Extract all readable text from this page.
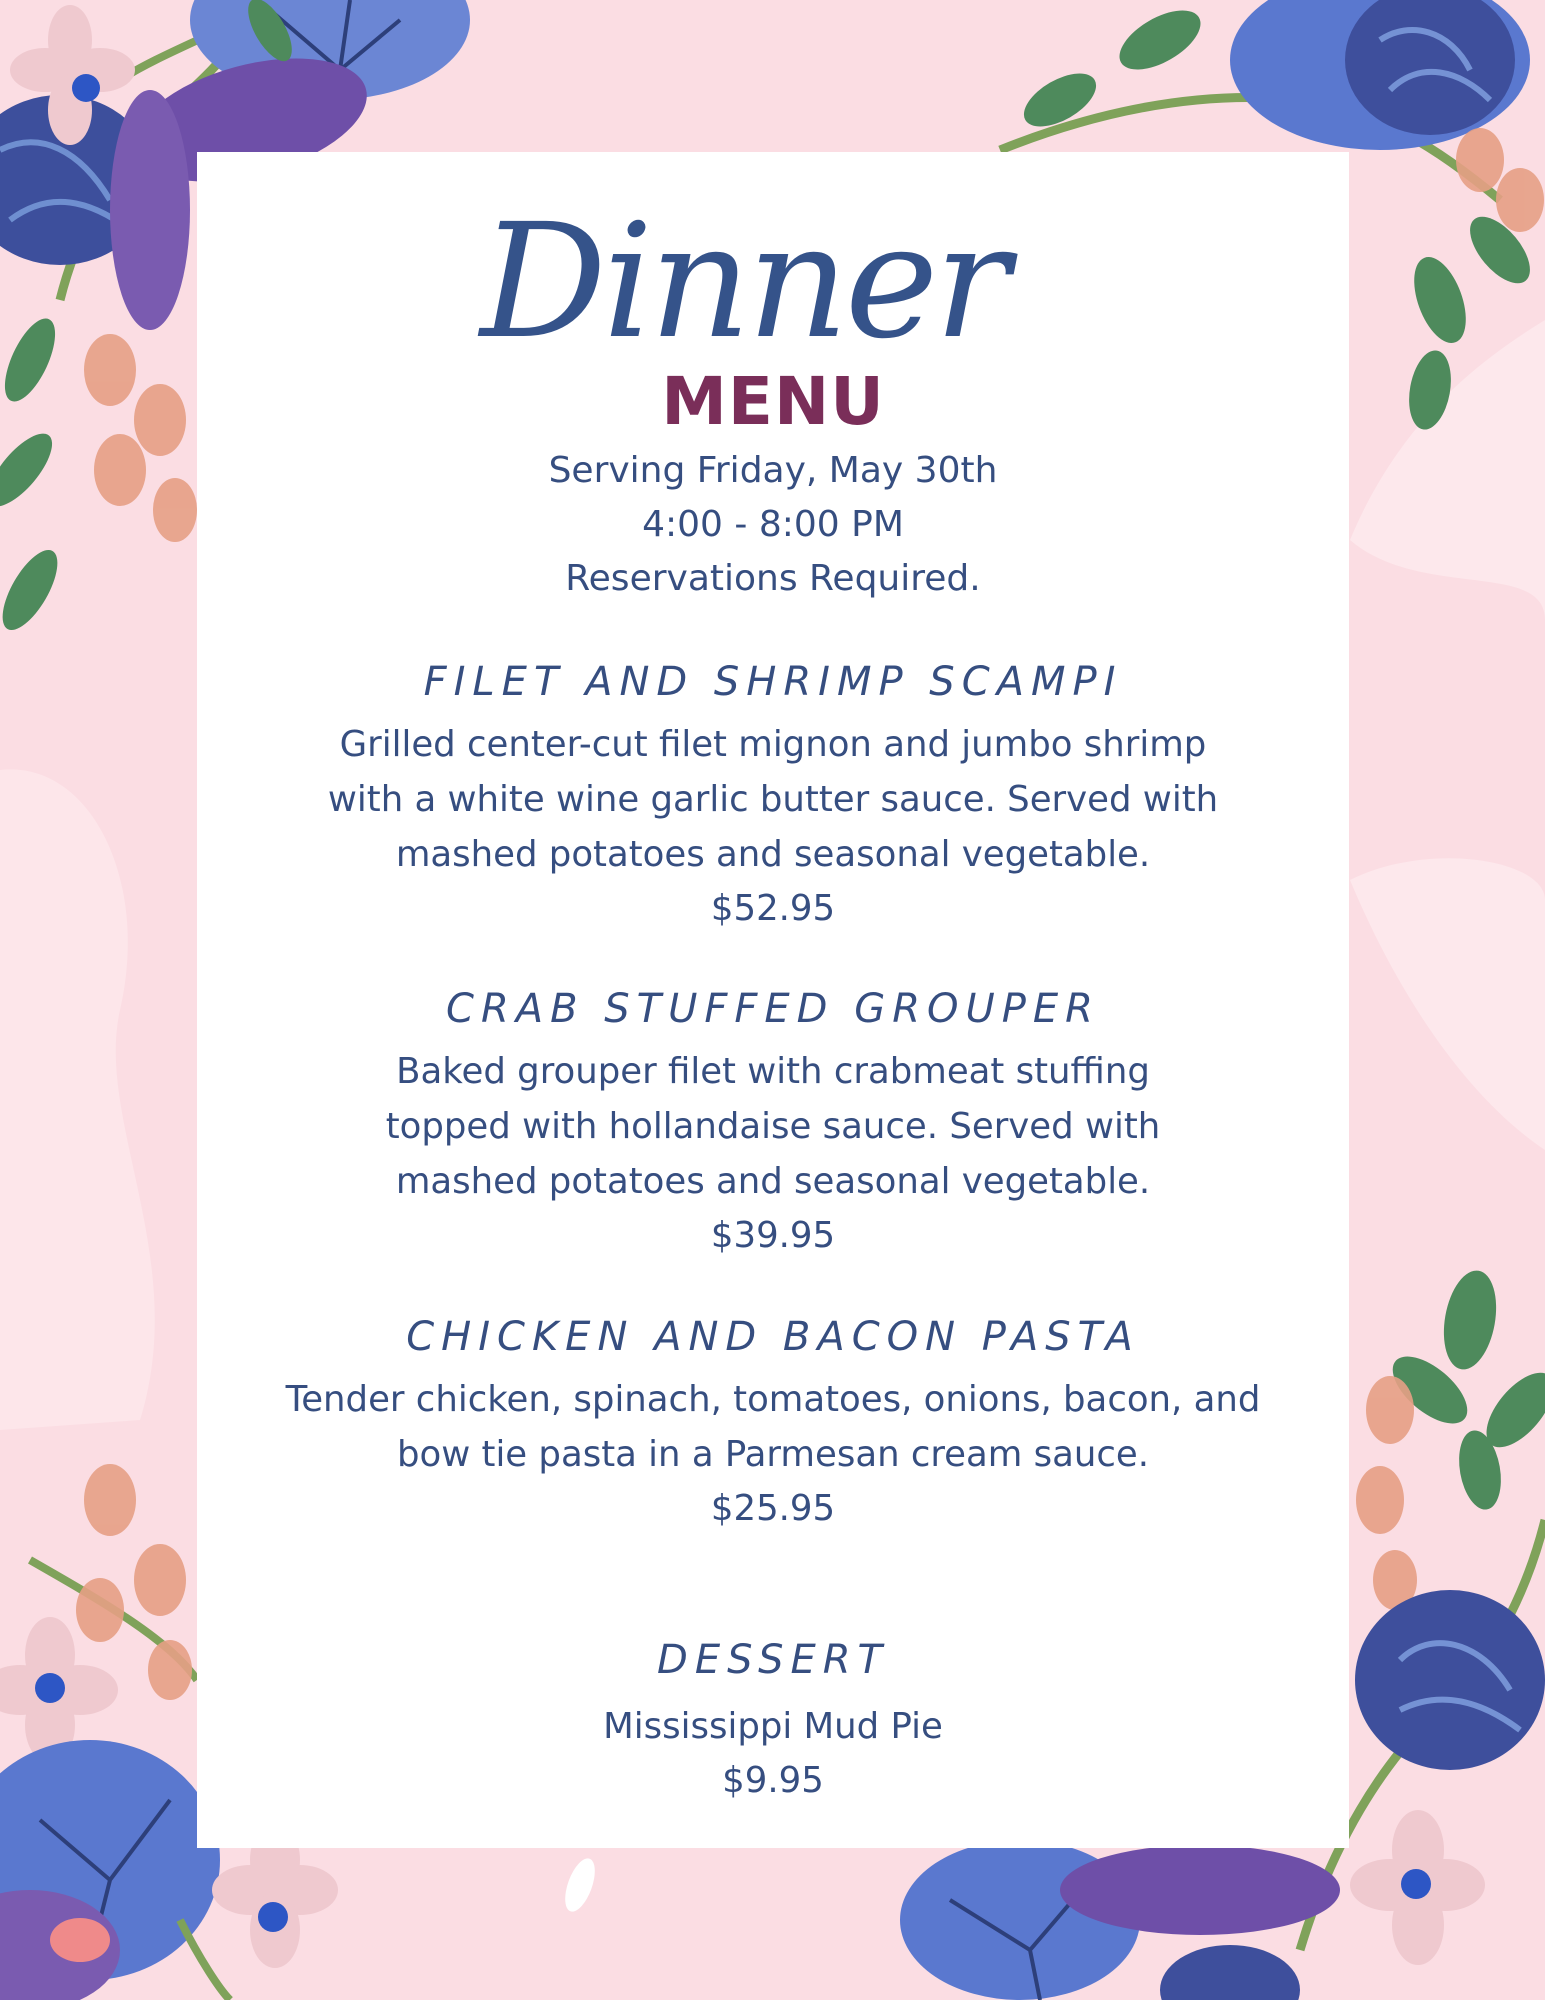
Dinner
MENU
Serving Friday, May 30th
4:00 - 8:00 PM
Reservations Required.
FILET AND SHRIMP SCAMPI
Grilled center-cut filet mignon and jumbo shrimp
with a white wine garlic butter sauce. Served with
mashed potatoes and seasonal vegetable.
$52.95
CRAB STUFFED GROUPER
Baked grouper filet with crabmeat stuffing
topped with hollandaise sauce. Served with
mashed potatoes and seasonal vegetable.
$39.95
CHICKEN AND BACON PASTA
Tender chicken, spinach, tomatoes, onions, bacon, and
bow tie pasta in a Parmesan cream sauce.
$25.95
DESSERT
Mississippi Mud Pie
$9.95
